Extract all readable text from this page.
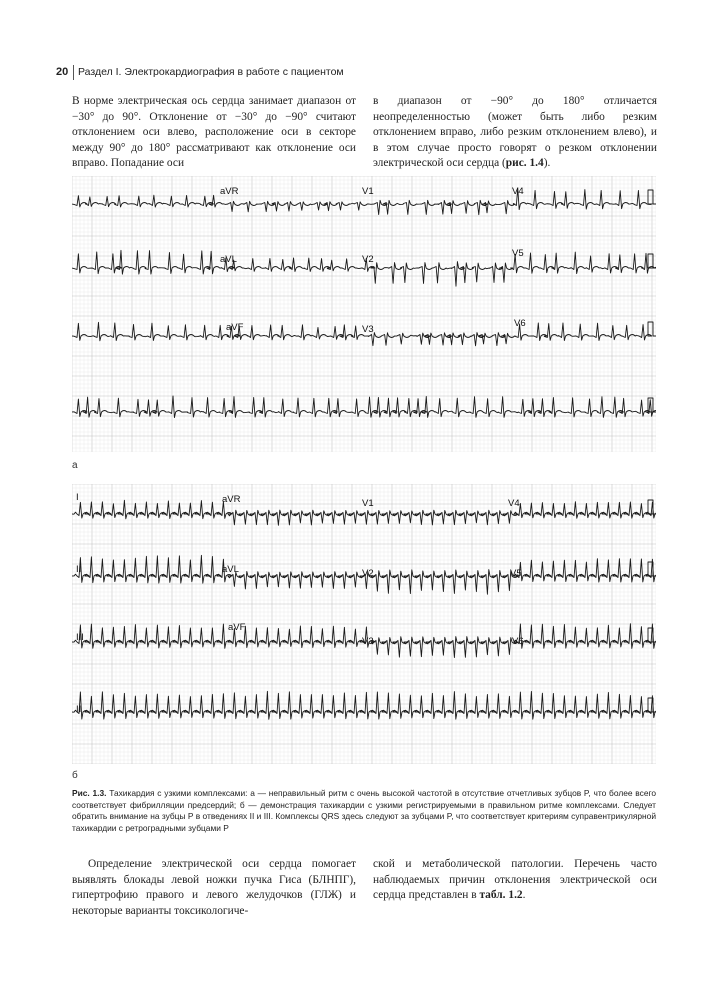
20 Раздел I. Электрокардиография в работе с пациентом

В норме электрическая ось сердца занимает диапазон от −30° до 90°. Отклонение от −30° до −90° считают отклонением оси влево, расположение оси в секторе между 90° до 180° рассматривают как отклонение оси вправо. Попадание оси

в диапазон от −90° до 180° отличается неопределенностью (может быть либо резким отклонением вправо, либо резким отклонением влево), и в этом случае просто говорят о резком отклонении электрической оси сердца (рис. 1.4).

aVR	V1	V4
aVL	V2
V5
aVF	V3
V6
а
I	aVR	V1	V4
II	aVL	V2	V5
III
aVF
V3	V6
II
б
Рис. 1.3. Тахикардия с узкими комплексами: а — неправильный ритм с очень высокой частотой в отсутствие отчетливых зубцов P, что более всего соответствует фибрилляции предсердий; б — демонстрация тахикардии с узкими регистрируемыми в правильном ритме комплексами. Следует обратить внимание на зубцы P в отведениях II и III. Комплексы QRS здесь следуют за зубцами P, что соответствует критериям суправентрикулярной тахикардии с ретроградными зубцами P

Определение электрической оси сердца помогает выявлять блокады левой ножки пучка Гиса (БЛНПГ), гипертрофию правого и левого желудочков (ГЛЖ) и некоторые варианты токсикологиче-

ской и метаболической патологии. Перечень часто наблюдаемых причин отклонения электрической оси сердца представлен в табл. 1.2.
